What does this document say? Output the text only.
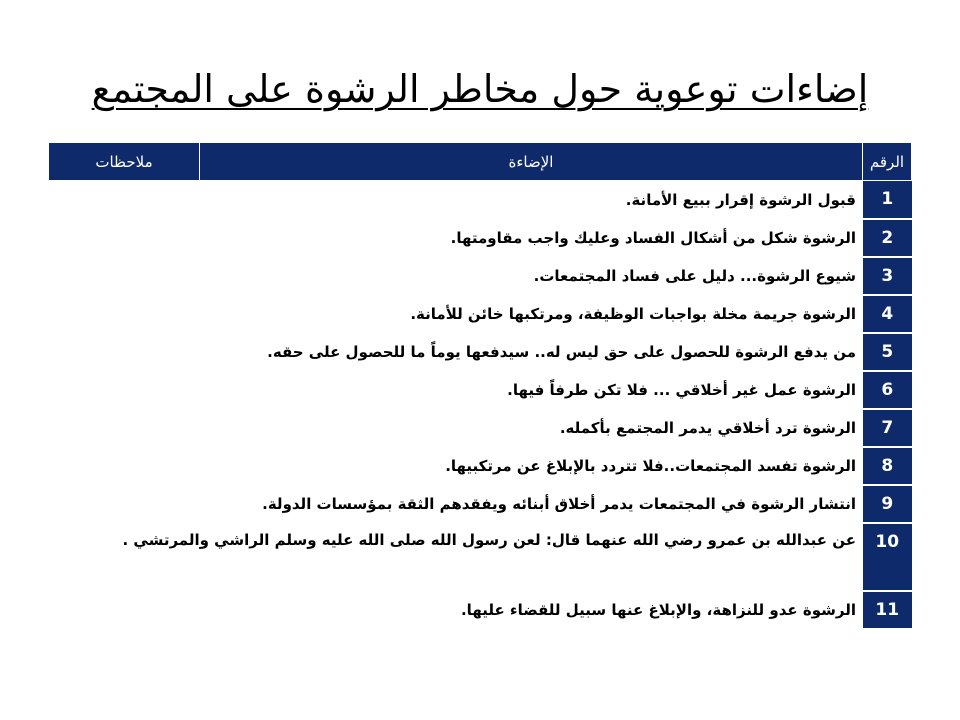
إضاءات توعوية حول مخاطر الرشوة على المجتمع
الرقم	الإضاءة	ملاحظات
1	قبول الرشوة إقرار ببيع الأمانة.	
2	الرشوة شكل من أشكال الفساد وعليك واجب مقاومتها.	
3	شيوع الرشوة... دليل على فساد المجتمعات.	
4	الرشوة جريمة مخلة بواجبات الوظيفة، ومرتكبها خائن للأمانة.	
5	من يدفع الرشوة للحصول على حق ليس له.. سيدفعها يوماً ما للحصول على حقه.	
6	الرشوة عمل غير أخلاقي ... فلا تكن طرفاً فيها.	
7	الرشوة ترد أخلاقي يدمر المجتمع بأكمله.	
8	الرشوة تفسد المجتمعات..فلا تتردد بالإبلاغ عن مرتكبيها.	
9	انتشار الرشوة في المجتمعات يدمر أخلاق أبنائه ويفقدهم الثقة بمؤسسات الدولة.	
10	عن عبدالله بن عمرو رضي الله عنهما قال: لعن رسول الله صلى الله عليه وسلم الراشي والمرتشي .	
11	الرشوة عدو للنزاهة، والإبلاغ عنها سبيل للقضاء عليها.	
